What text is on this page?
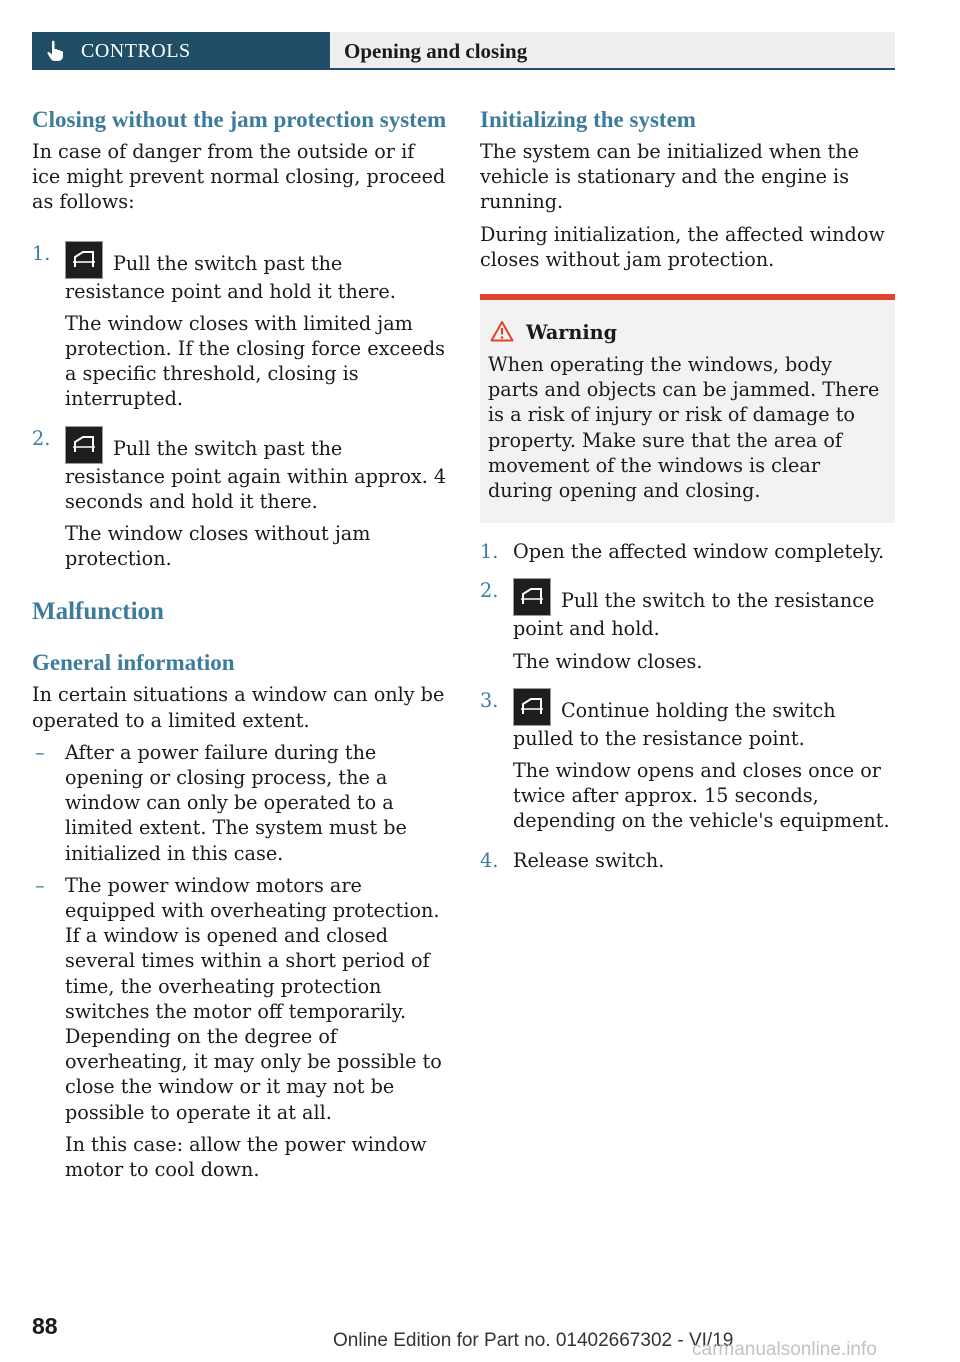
CONTROLS	Opening and closing
Closing without the jam protection system

In case of danger from the outside or if ice might prevent normal closing, proceed as follows:

1.	Pull the switch past the resistance point and hold it there.

The window closes with limited jam protection. If the closing force exceeds a specific threshold, closing is interrupted.

2.	Pull the switch past the resistance point again within approx. 4 seconds and hold it there.

The window closes without jam protection.

Malfunction
General information

In certain situations a window can only be operated to a limited extent.

– After a power failure during the opening or closing process, the a window can only be operated to a limited extent. The system must be initialized in this case.

– The power window motors are equipped with overheating protection. If a window is opened and closed several times within a short period of time, the overheating protection switches the motor off temporarily. Depending on the degree of overheating, it may only be possible to close the window or it may not be possible to operate it at all.

In this case: allow the power window motor to cool down.

Initializing the system

The system can be initialized when the vehicle is stationary and the engine is running.

During initialization, the affected window closes without jam protection.

Warning

When operating the windows, body parts and objects can be jammed. There is a risk of injury or risk of damage to property. Make sure that the area of movement of the windows is clear during opening and closing.

1. Open the affected window completely.

2.	Pull the switch to the resistance point and hold.

The window closes.

3.	Continue holding the switch pulled to the resistance point.

The window opens and closes once or twice after approx. 15 seconds, depending on the vehicle's equipment.

4. Release switch.

88
Online Edition for Part no. 01402667302 - VI/19
carmanualsonline.info
